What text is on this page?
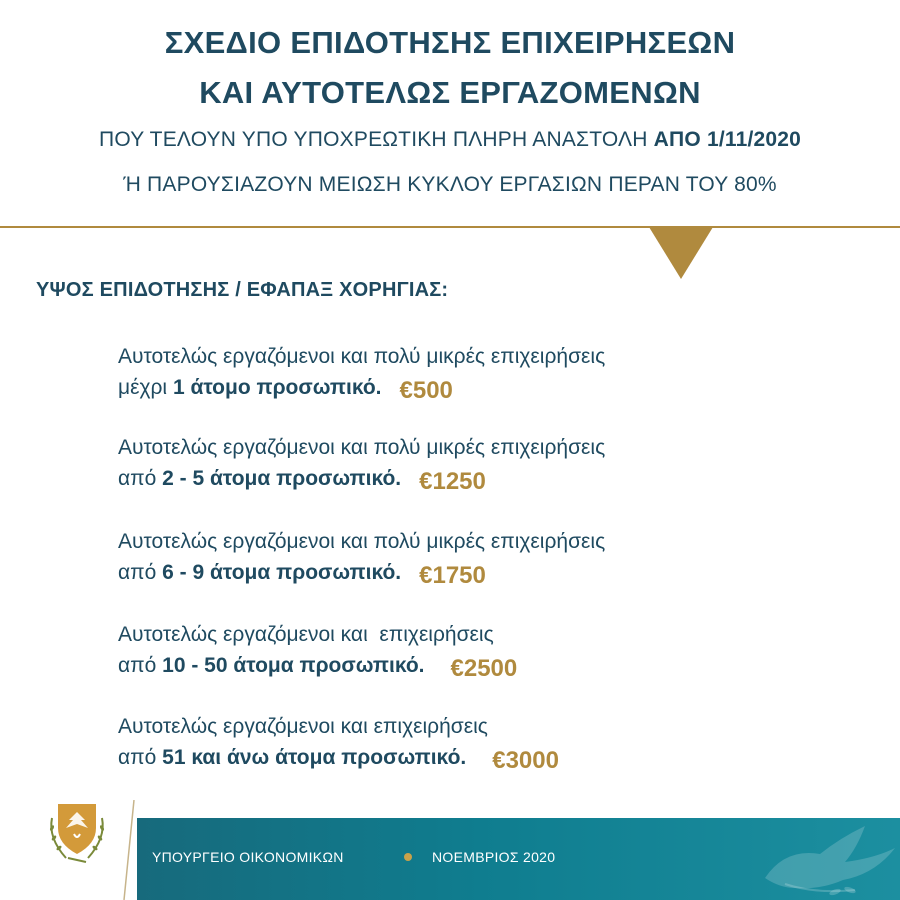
ΣΧΕΔΙΟ ΕΠΙΔΟΤΗΣΗΣ ΕΠΙΧΕΙΡΗΣΕΩΝ
ΚΑΙ ΑΥΤΟΤΕΛΩΣ ΕΡΓΑΖΟΜΕΝΩΝ
ΠΟΥ ΤΕΛΟΥΝ ΥΠΟ ΥΠΟΧΡΕΩΤΙΚΗ ΠΛΗΡΗ ΑΝΑΣΤΟΛΗ ΑΠΟ 1/11/2020
Ή ΠΑΡΟΥΣΙΑΖΟΥΝ ΜΕΙΩΣΗ ΚΥΚΛΟΥ ΕΡΓΑΣΙΩΝ ΠΕΡΑΝ ΤΟΥ 80%
ΥΨΟΣ ΕΠΙΔΟΤΗΣΗΣ / ΕΦΑΠΑΞ ΧΟΡΗΓΙΑΣ:
Αυτοτελώς εργαζόμενοι και πολύ μικρές επιχειρήσεις
μέχρι 1 άτομο προσωπικό. €500
Αυτοτελώς εργαζόμενοι και πολύ μικρές επιχειρήσεις
από 2 - 5 άτομα προσωπικό. €1250
Αυτοτελώς εργαζόμενοι και πολύ μικρές επιχειρήσεις
από 6 - 9 άτομα προσωπικό. €1750
Αυτοτελώς εργαζόμενοι και  επιχειρήσεις
από 10 - 50 άτομα προσωπικό. €2500
Αυτοτελώς εργαζόμενοι και επιχειρήσεις
από 51 και άνω άτομα προσωπικό. €3000
ΥΠΟΥΡΓΕΙΟ ΟΙΚΟΝΟΜΙΚΩΝ	ΝΟΕΜΒΡΙΟΣ 2020
